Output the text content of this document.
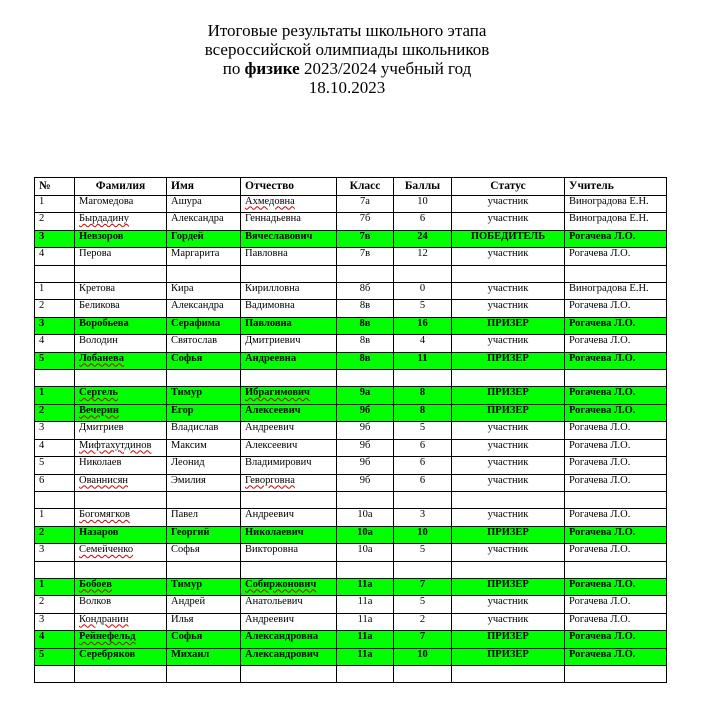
Итоговые результаты школьного этапа
всероссийской олимпиады школьников
по физике 2023/2024 учебный год
18.10.2023
№	Фамилия	Имя	Отчество	Класс	Баллы	Статус	Учитель
1	Магомедова	Ашура	Ахмедовна	7а	10	участник	Виноградова Е.Н.
2	Бырдадину	Александра	Геннадьевна	7б	6	участник	Виноградова Е.Н.
3	Невзоров	Гордей	Вячеславович	7в	24	ПОБЕДИТЕЛЬ	Рогачева Л.О.
4	Перова	Маргарита	Павловна	7в	12	участник	Рогачева Л.О.

1	Кретова	Кира	Кирилловна	8б	0	участник	Виноградова Е.Н.
2	Беликова	Александра	Вадимовна	8в	5	участник	Рогачева Л.О.
3	Воробьева	Серафима	Павловна	8в	16	ПРИЗЕР	Рогачева Л.О.
4	Володин	Святослав	Дмитриевич	8в	4	участник	Рогачева Л.О.
5	Лобанева	Софья	Андреевна	8в	11	ПРИЗЕР	Рогачева Л.О.

1	Сергель	Тимур	Ибрагимович	9а	8	ПРИЗЕР	Рогачева Л.О.
2	Вечерин	Егор	Алексеевич	9б	8	ПРИЗЕР	Рогачева Л.О.
3	Дмитриев	Владислав	Андреевич	9б	5	участник	Рогачева Л.О.
4	Мифтахутдинов	Максим	Алексеевич	9б	6	участник	Рогачева Л.О.
5	Николаев	Леонид	Владимирович	9б	6	участник	Рогачева Л.О.
6	Ованнисян	Эмилия	Геворговна	9б	6	участник	Рогачева Л.О.

1	Богомягков	Павел	Андреевич	10а	3	участник	Рогачева Л.О.
2	Назаров	Георгий	Николаевич	10а	10	ПРИЗЕР	Рогачева Л.О.
3	Семейченко	Софья	Викторовна	10а	5	участник	Рогачева Л.О.

1	Бобоев	Тимур	Собиржонович	11а	7	ПРИЗЕР	Рогачева Л.О.
2	Волков	Андрей	Анатольевич	11а	5	участник	Рогачева Л.О.
3	Кондранин	Илья	Андреевич	11а	2	участник	Рогачева Л.О.
4	Рейнефельд	Софья	Александровна	11а	7	ПРИЗЕР	Рогачева Л.О.
5	Серебряков	Михаил	Александрович	11а	10	ПРИЗЕР	Рогачева Л.О.
